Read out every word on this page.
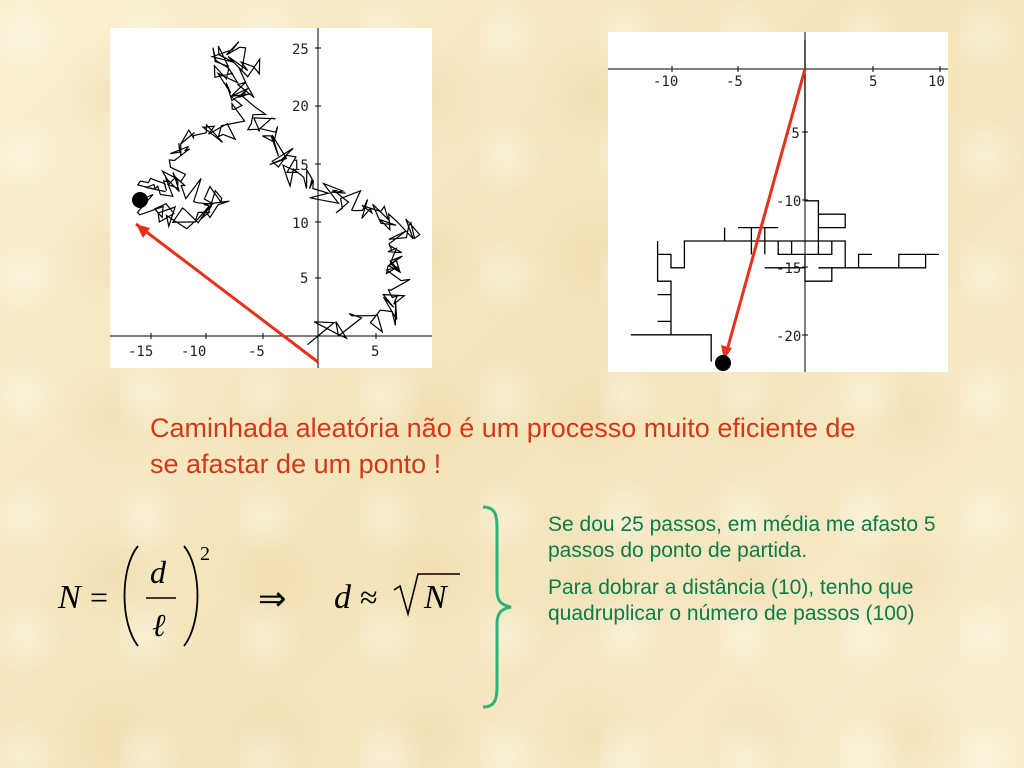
-15 -10	-5	5
5
10
15
20
25
-10	-5	5	10
-5
-10
-15
-20
Caminhada aleatória não é um processo muito eficiente de se afastar de um ponto !
N =
d
ℓ
2
⇒ d ≈ N

Se dou 25 passos, em média me afasto 5 passos do ponto de partida.

Para dobrar a distância (10), tenho que quadruplicar o número de passos (100)
